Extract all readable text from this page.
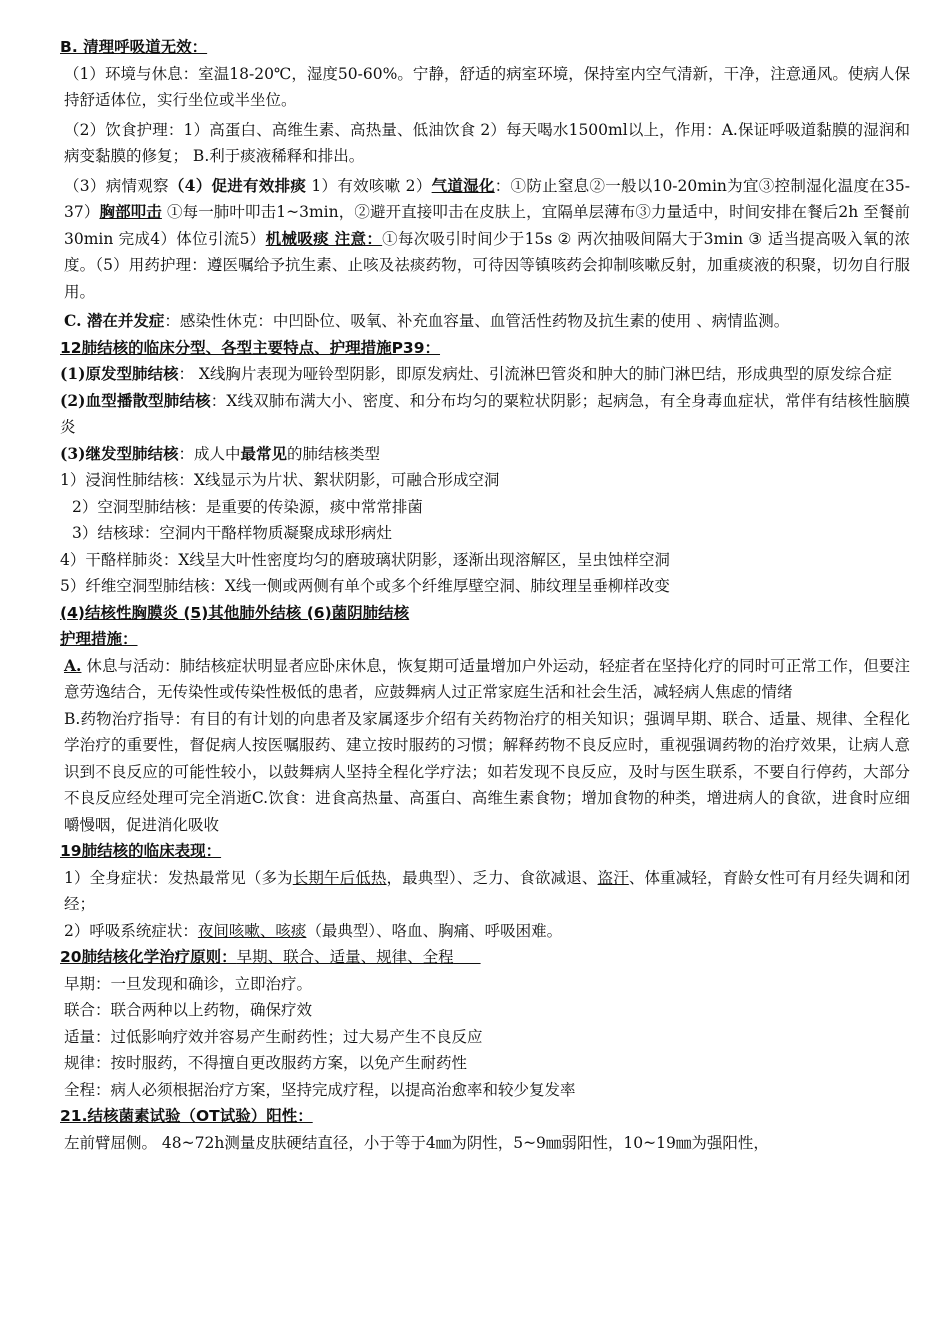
B. 清理呼吸道无效：

（1）环境与休息：室温18-20℃，湿度50-60%。宁静，舒适的病室环境，保持室内空气清新，干净，注意通风。使病人保持舒适体位，实行坐位或半坐位。

（2）饮食护理：1）高蛋白、高维生素、高热量、低油饮食 2）每天喝水1500ml以上，作用：A.保证呼吸道黏膜的湿润和病变黏膜的修复； B.利于痰液稀释和排出。

（3）病情观察（4）促进有效排痰 1）有效咳嗽 2）气道湿化：①防止窒息②一般以10-20min为宜③控制湿化温度在35-37）胸部叩击 ①每一肺叶叩击1~3min，②避开直接叩击在皮肤上，宜隔单层薄布③力量适中，时间安排在餐后2h 至餐前30min 完成4）体位引流5）机械吸痰 注意：①每次吸引时间少于15s ② 两次抽吸间隔大于3min ③ 适当提高吸入氧的浓度。（5）用药护理：遵医嘱给予抗生素、止咳及祛痰药物，可待因等镇咳药会抑制咳嗽反射，加重痰液的积聚，切勿自行服用。

C. 潜在并发症：感染性休克：中凹卧位、吸氧、补充血容量、血管活性药物及抗生素的使用 、病情监测。

12肺结核的临床分型、各型主要特点、护理措施P39：

(1)原发型肺结核： X线胸片表现为哑铃型阴影，即原发病灶、引流淋巴管炎和肿大的肺门淋巴结，形成典型的原发综合症

(2)血型播散型肺结核：X线双肺布满大小、密度、和分布均匀的粟粒状阴影；起病急，有全身毒血症状，常伴有结核性脑膜炎

(3)继发型肺结核：成人中最常见的肺结核类型

1）浸润性肺结核：X线显示为片状、絮状阴影，可融合形成空洞

2）空洞型肺结核：是重要的传染源，痰中常常排菌

3）结核球：空洞内干酪样物质凝聚成球形病灶

4）干酪样肺炎：X线呈大叶性密度均匀的磨玻璃状阴影，逐渐出现溶解区，呈虫蚀样空洞

5）纤维空洞型肺结核：X线一侧或两侧有单个或多个纤维厚壁空洞、肺纹理呈垂柳样改变

(4)结核性胸膜炎 (5)其他肺外结核 (6)菌阴肺结核

护理措施：

A. 休息与活动：肺结核症状明显者应卧床休息，恢复期可适量增加户外运动，轻症者在坚持化疗的同时可正常工作，但要注意劳逸结合，无传染性或传染性极低的患者，应鼓舞病人过正常家庭生活和社会生活，减轻病人焦虑的情绪

B.药物治疗指导：有目的有计划的向患者及家属逐步介绍有关药物治疗的相关知识；强调早期、联合、适量、规律、全程化学治疗的重要性，督促病人按医嘱服药、建立按时服药的习惯；解释药物不良反应时，重视强调药物的治疗效果，让病人意识到不良反应的可能性较小，以鼓舞病人坚持全程化学疗法；如若发现不良反应，及时与医生联系，不要自行停药，大部分不良反应经处理可完全消逝C.饮食：进食高热量、高蛋白、高维生素食物；增加食物的种类，增进病人的食欲，进食时应细嚼慢咽，促进消化吸收

19肺结核的临床表现：

1）全身症状：发热最常见（多为长期午后低热，最典型）、乏力、食欲减退、盗汗、体重减轻，育龄女性可有月经失调和闭经；

2）呼吸系统症状：夜间咳嗽、咳痰（最典型）、咯血、胸痛、呼吸困难。

20肺结核化学治疗原则：早期、联合、适量、规律、全程

早期：一旦发现和确诊，立即治疗。

联合：联合两种以上药物，确保疗效

适量：过低影响疗效并容易产生耐药性；过大易产生不良反应

规律：按时服药，不得擅自更改服药方案，以免产生耐药性

全程：病人必须根据治疗方案，坚持完成疗程，以提高治愈率和较少复发率

21.结核菌素试验（OT试验）阳性：

左前臂屈侧。 48~72h测量皮肤硬结直径，小于等于4㎜为阴性，5~9㎜弱阳性，10~19㎜为强阳性，
